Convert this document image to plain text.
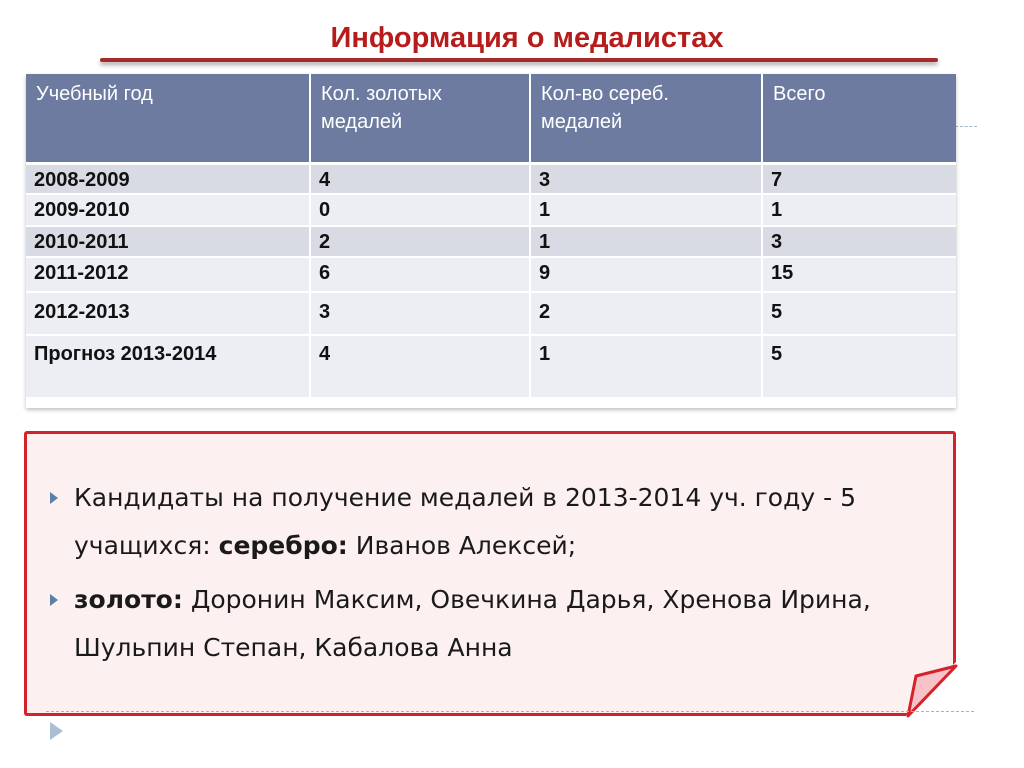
Информация о медалистах
Учебный год	Кол. золотых медалей	Кол-во сереб. медалей	Всего
2008-2009	4	3	7
2009-2010	0	1	1
2010-2011	2	1	3
2011-2012	6	9	15
2012-2013	3	2	5
Прогноз 2013-2014	4	1	5
Кандидаты на получение медалей в 2013-2014 уч. году - 5 учащихся: серебро: Иванов Алексей;
золото: Доронин Максим, Овечкина Дарья, Хренова Ирина, Шульпин Степан, Кабалова Анна
